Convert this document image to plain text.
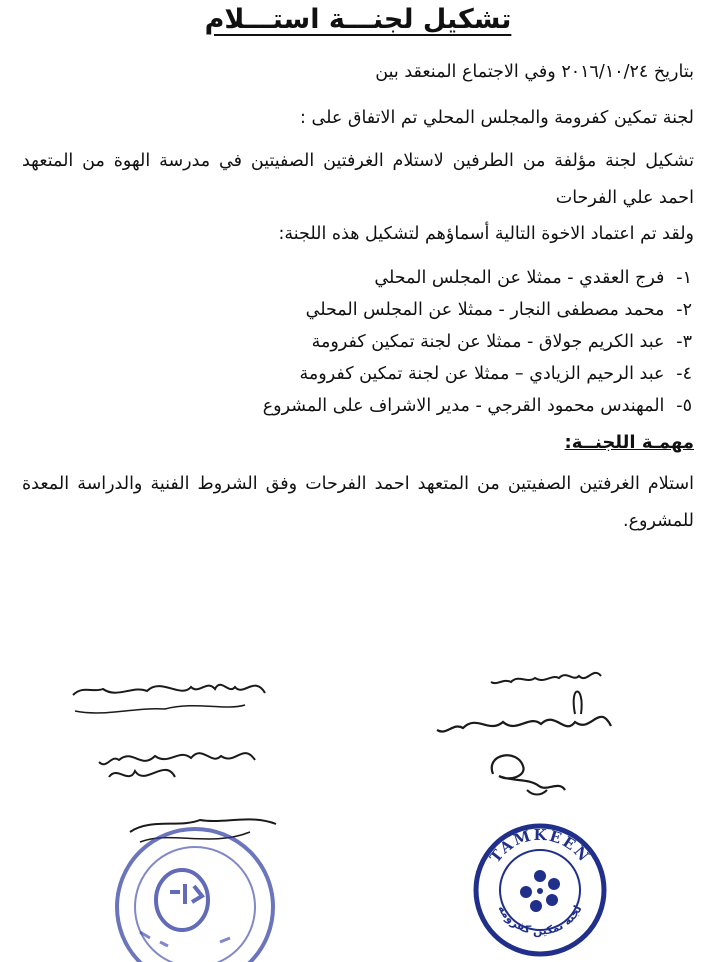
تشكيل لجنـــة استـــلام
بتاريخ ٢٠١٦/١٠/٢٤ وفي الاجتماع المنعقد بين
لجنة تمكين كفرومة والمجلس المحلي تم الاتفاق على :
تشكيل لجنة مؤلفة من الطرفين لاستلام الغرفتين الصفيتين في مدرسة الهوة من المتعهد احمد علي الفرحات
ولقد تم اعتماد الاخوة التالية أسماؤهم لتشكيل هذه اللجنة:
١- فرج العقدي - ممثلا عن المجلس المحلي
٢- محمد مصطفى النجار - ممثلا عن المجلس المحلي
٣- عبد الكريم جولاق - ممثلا عن لجنة تمكين كفرومة
٤- عبد الرحيم الزيادي – ممثلا عن لجنة تمكين كفرومة
٥- المهندس محمود القرجي - مدير الاشراف على المشروع
مهمـة اللجنــة:
استلام الغرفتين الصفيتين من المتعهد احمد الفرحات وفق الشروط الفنية والدراسة المعدة للمشروع.
TAMKEEN
لجنة تمكين كفرومة
